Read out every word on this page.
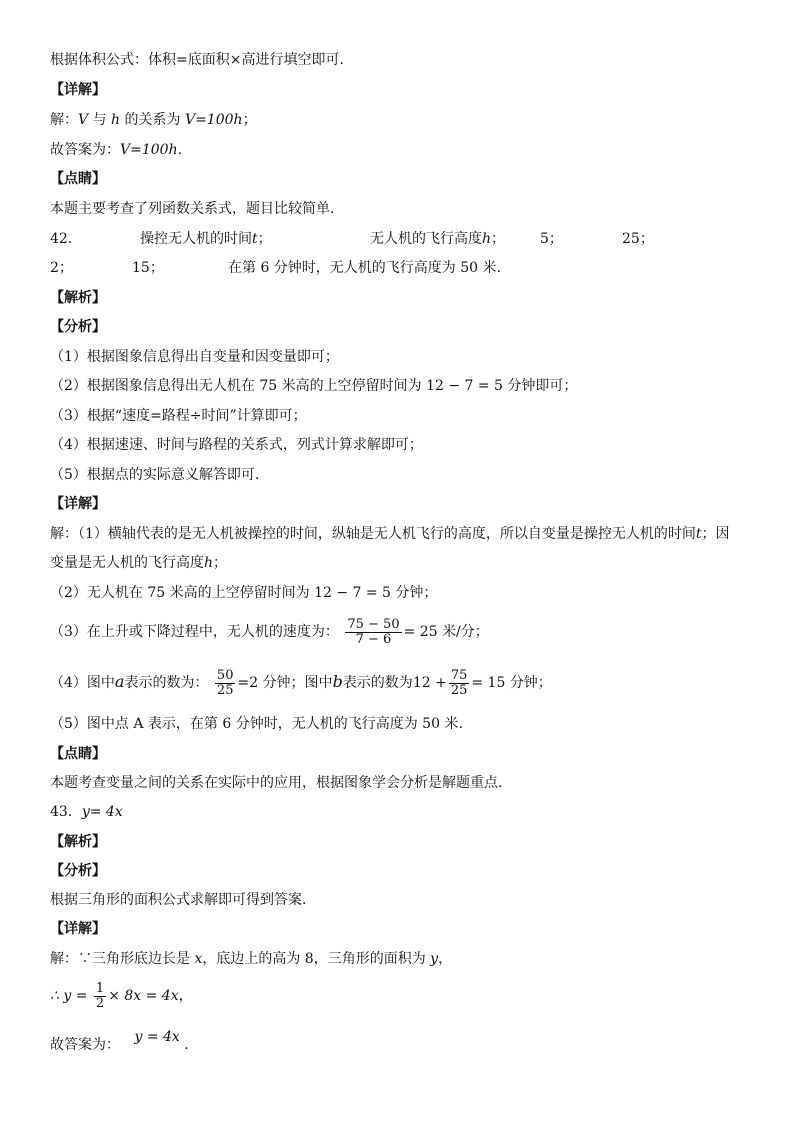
根据体积公式：体积=底面积×高进行填空即可.
【详解】
解：V 与 h 的关系为 V=100h；
故答案为：V=100h.
【点睛】
本题主要考查了列函数关系式，题目比较简单.
42．	操控无人机的时间t；	无人机的飞行高度h； 5；	25；
2；	15；	在第 6 分钟时，无人机的飞行高度为 50 米.
【解析】
【分析】
（1）根据图象信息得出自变量和因变量即可；
（2）根据图象信息得出无人机在 75 米高的上空停留时间为 12 − 7 = 5 分钟即可；
（3）根据“速度=路程÷时间”计算即可；
（4）根据速速、时间与路程的关系式，列式计算求解即可；
（5）根据点的实际意义解答即可.
【详解】
解：（1）横轴代表的是无人机被操控的时间，纵轴是无人机飞行的高度，所以自变量是操控无人机的时间t；因
变量是无人机的飞行高度h；
（2）无人机在 75 米高的上空停留时间为 12 − 7 = 5 分钟；
（3）在上升或下降过程中，无人机的速度为： $\frac{75 - 50}{7 - 6} = 25$ 米/分；
（4）图中a表示的数为： $\frac{50}{25} =2$ 分钟；图中b表示的数为$12 + \frac{75}{25} = 15$ 分钟；
（5）图中点 A 表示，在第 6 分钟时，无人机的飞行高度为 50 米.
【点睛】
本题考查变量之间的关系在实际中的应用，根据图象学会分析是解题重点.
43．y= 4x
【解析】
【分析】
根据三角形的面积公式求解即可得到答案.
【详解】
解：∵三角形底边长是 x，底边上的高为 8，三角形的面积为 y，
∴ $y = \frac{1}{2} \times 8x = 4x$，
故答案为： y = 4x .
